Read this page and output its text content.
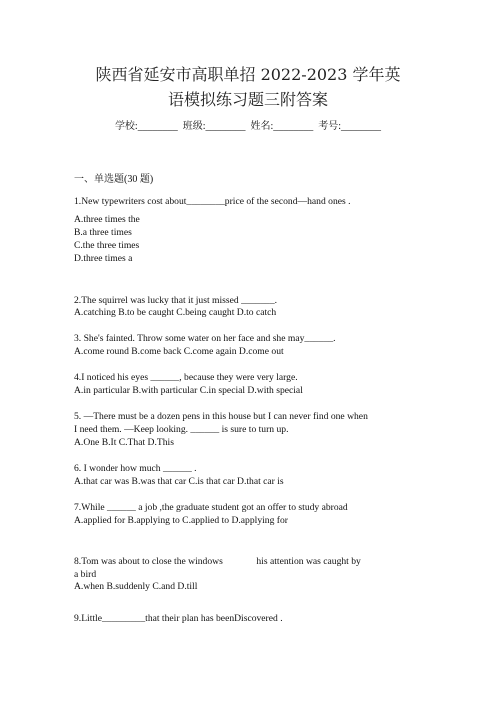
陕西省延安市高职单招 2022-2023 学年英
语模拟练习题三附答案
学校:________  班级:________  姓名:________  考号:________
一、单选题(30 题)
1.New typewriters cost about________price of the second—hand ones .
A.three times the
B.a three times
C.the three times
D.three times a
2.The squirrel was lucky that it just missed _______.
A.catching B.to be caught C.being caught D.to catch
3. She's fainted. Throw some water on her face and she may______.
A.come round B.come back C.come again D.come out
4.I noticed his eyes ______, because they were very large.
A.in particular B.with particular C.in special D.with special
5. —There must be a dozen pens in this house but I can never find one when
I need them. —Keep looking. ______ is sure to turn up.
A.One B.It C.That D.This
6. I wonder how much ______ .
A.that car was B.was that car C.is that car D.that car is
7.While ______ a job ,the graduate student got an offer to study abroad
A.applied for B.applying to C.applied to D.applying for
8.Tom was about to close the windows              his attention was caught by
a bird
A.when B.suddenly C.and D.till
9.Little_________that their plan has beenDiscovered .
